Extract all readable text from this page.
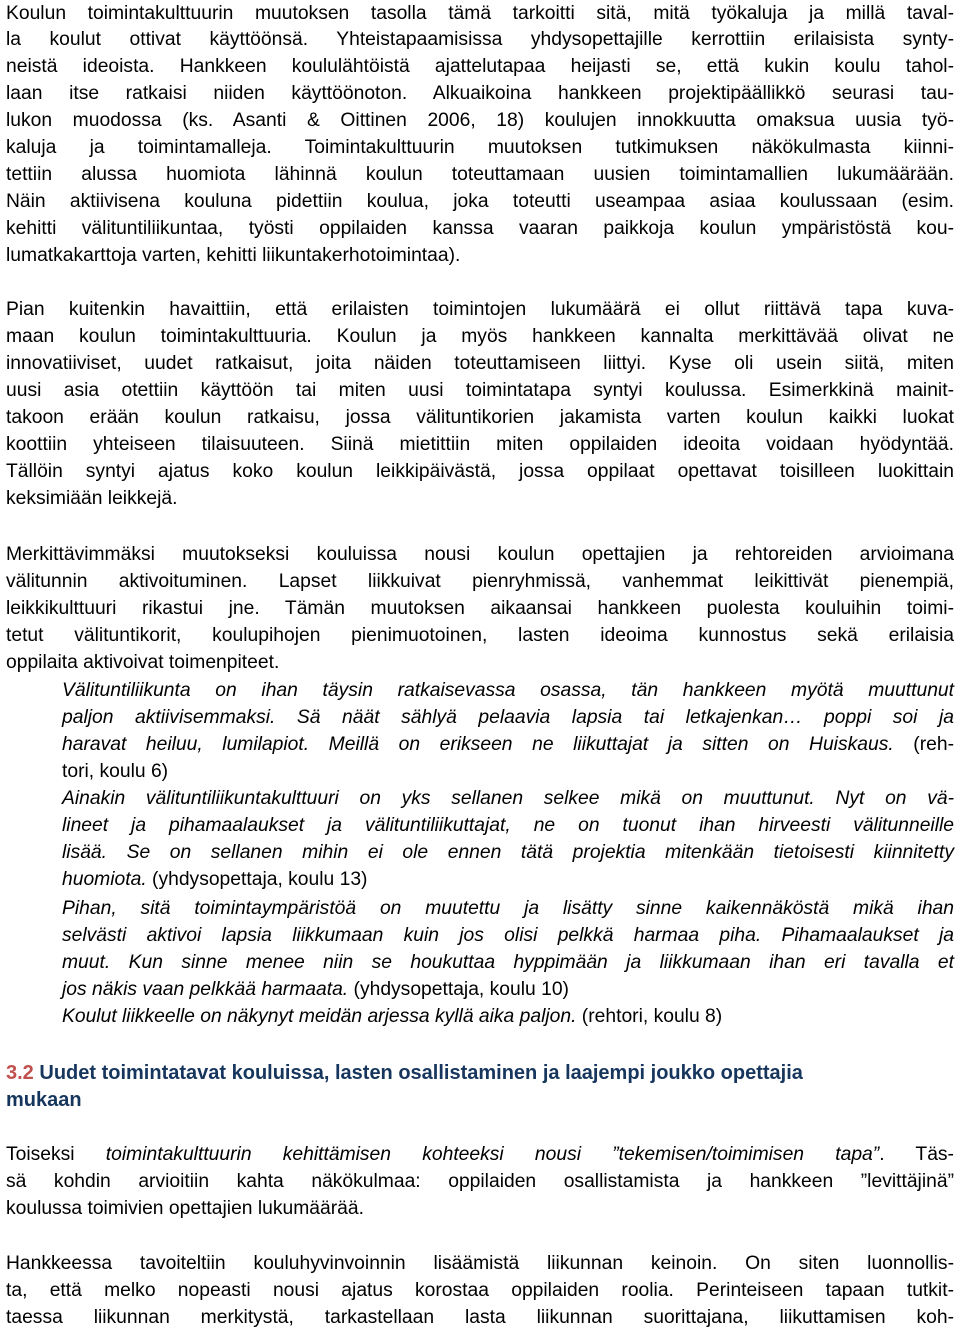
Koulun toimintakulttuurin muutoksen tasolla tämä tarkoitti sitä, mitä työkaluja ja millä taval-
la koulut ottivat käyttöönsä. Yhteistapaamisissa yhdysopettajille kerrottiin erilaisista synty-
neistä ideoista. Hankkeen koululähtöistä ajattelutapaa heijasti se, että kukin koulu tahol-
laan itse ratkaisi niiden käyttöönoton. Alkuaikoina hankkeen projektipäällikkö seurasi tau-
lukon muodossa (ks. Asanti & Oittinen 2006, 18) koulujen innokkuutta omaksua uusia työ-
kaluja ja toimintamalleja. Toimintakulttuurin muutoksen tutkimuksen näkökulmasta kiinni-
tettiin alussa huomiota lähinnä koulun toteuttamaan uusien toimintamallien lukumäärään.
Näin aktiivisena kouluna pidettiin koulua, joka toteutti useampaa asiaa koulussaan (esim.
kehitti välituntiliikuntaa, työsti oppilaiden kanssa vaaran paikkoja koulun ympäristöstä kou-
lumatkakarttoja varten, kehitti liikuntakerhotoimintaa).
Pian kuitenkin havaittiin, että erilaisten toimintojen lukumäärä ei ollut riittävä tapa kuva-
maan koulun toimintakulttuuria. Koulun ja myös hankkeen kannalta merkittävää olivat ne
innovatiiviset, uudet ratkaisut, joita näiden toteuttamiseen liittyi. Kyse oli usein siitä, miten
uusi asia otettiin käyttöön tai miten uusi toimintatapa syntyi koulussa. Esimerkkinä mainit-
takoon erään koulun ratkaisu, jossa välituntikorien jakamista varten koulun kaikki luokat
koottiin yhteiseen tilaisuuteen. Siinä mietittiin miten oppilaiden ideoita voidaan hyödyntää.
Tällöin syntyi ajatus koko koulun leikkipäivästä, jossa oppilaat opettavat toisilleen luokittain
keksimiään leikkejä.
Merkittävimmäksi muutokseksi kouluissa nousi koulun opettajien ja rehtoreiden arvioimana
välitunnin aktivoituminen. Lapset liikkuivat pienryhmissä, vanhemmat leikittivät pienempiä,
leikkikulttuuri rikastui jne. Tämän muutoksen aikaansai hankkeen puolesta kouluihin toimi-
tetut välituntikorit, koulupihojen pienimuotoinen, lasten ideoima kunnostus sekä erilaisia
oppilaita aktivoivat toimenpiteet.
Välituntiliikunta on ihan täysin ratkaisevassa osassa, tän hankkeen myötä muuttunut
paljon aktiivisemmaksi. Sä näät sählyä pelaavia lapsia tai letkajenkan… poppi soi ja
haravat heiluu, lumilapiot. Meillä on erikseen ne liikuttajat ja sitten on Huiskaus. (reh-
tori, koulu 6)
Ainakin välituntiliikuntakulttuuri on yks sellanen selkee mikä on muuttunut. Nyt on vä-
lineet ja pihamaalaukset ja välituntiliikuttajat, ne on tuonut ihan hirveesti välitunneille
lisää. Se on sellanen mihin ei ole ennen tätä projektia mitenkään tietoisesti kiinnitetty
huomiota. (yhdysopettaja, koulu 13)
Pihan, sitä toimintaympäristöä on muutettu ja lisätty sinne kaikennäköstä mikä ihan
selvästi aktivoi lapsia liikkumaan kuin jos olisi pelkkä harmaa piha. Pihamaalaukset ja
muut. Kun sinne menee niin se houkuttaa hyppimään ja liikkumaan ihan eri tavalla et
jos näkis vaan pelkkää harmaata. (yhdysopettaja, koulu 10)
Koulut liikkeelle on näkynyt meidän arjessa kyllä aika paljon. (rehtori, koulu 8)
3.2 Uudet toimintatavat kouluissa, lasten osallistaminen ja laajempi joukko opettajia
mukaan
Toiseksi toimintakulttuurin kehittämisen kohteeksi nousi ”tekemisen/toimimisen tapa”. Täs-
sä kohdin arvioitiin kahta näkökulmaa: oppilaiden osallistamista ja hankkeen ”levittäjinä”
koulussa toimivien opettajien lukumäärää.
Hankkeessa tavoiteltiin kouluhyvinvoinnin lisäämistä liikunnan keinoin. On siten luonnollis-
ta, että melko nopeasti nousi ajatus korostaa oppilaiden roolia. Perinteiseen tapaan tutkit-
taessa liikunnan merkitystä, tarkastellaan lasta liikunnan suorittajana, liikuttamisen koh-
